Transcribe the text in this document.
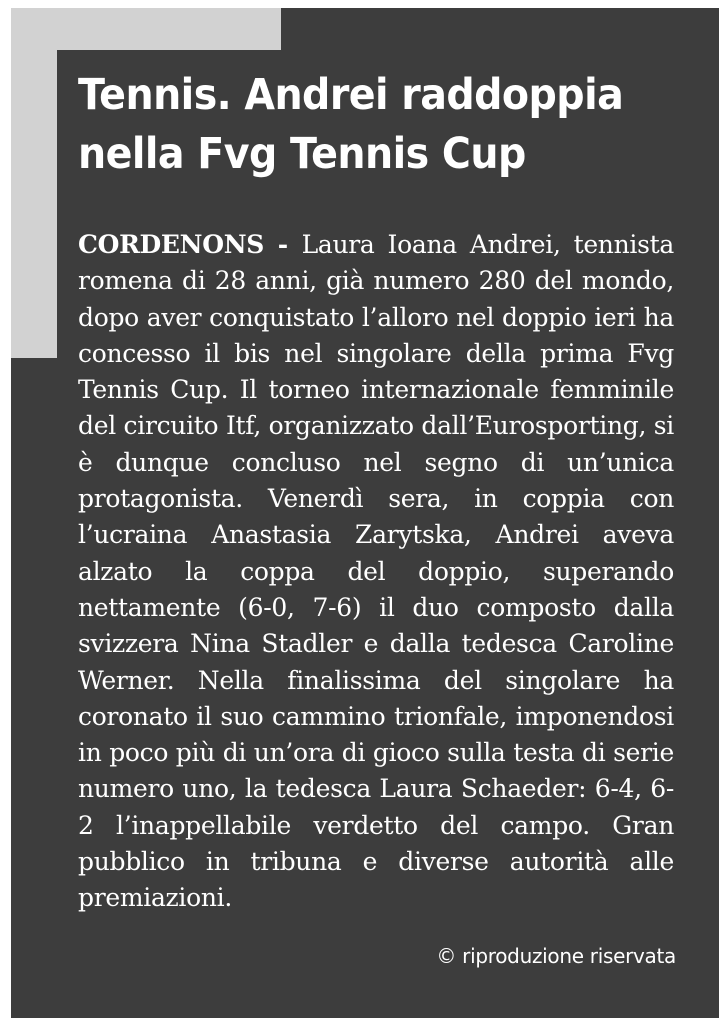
Tennis. Andrei raddoppia nella Fvg Tennis Cup

CORDENONS - Laura Ioana Andrei, tennista romena di 28 anni, già numero 280 del mondo, dopo aver conquistato l’alloro nel doppio ieri ha concesso il bis nel singolare della prima Fvg Tennis Cup. Il torneo internazionale femminile del circuito Itf, organizzato dall’Eurosporting, si è dunque concluso nel segno di un’unica protagonista. Venerdì sera, in coppia con l’ucraina Anastasia Zarytska, Andrei aveva alzato la coppa del doppio, superando nettamente (6-0, 7-6) il duo composto dalla svizzera Nina Stadler e dalla tedesca Caroline Werner. Nella finalissima del singolare ha coronato il suo cammino trionfale, imponendosi in poco più di un’ora di gioco sulla testa di serie numero uno, la tedesca Laura Schaeder: 6-4, 6-2 l’inappellabile verdetto del campo. Gran pubblico in tribuna e diverse autorità alle premiazioni.

© riproduzione riservata
